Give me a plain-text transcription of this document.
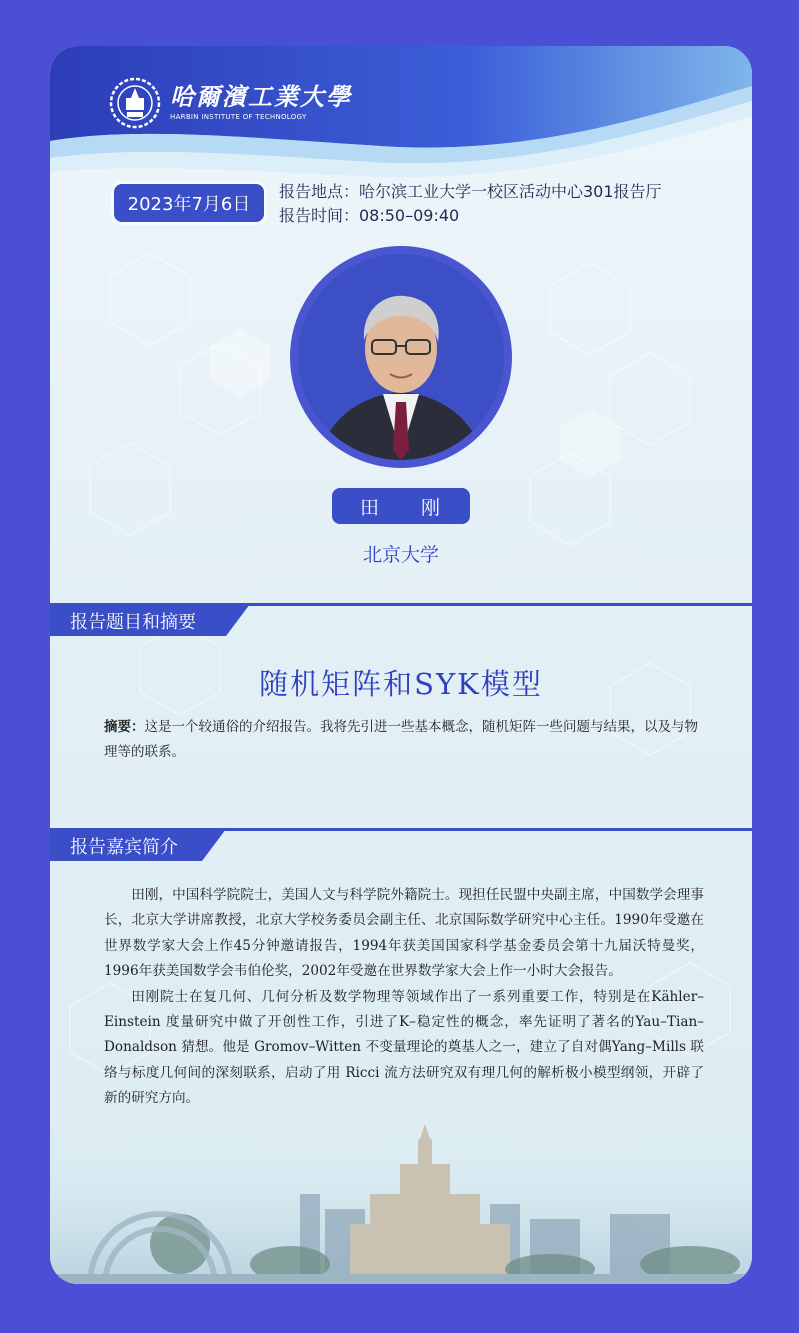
哈爾濱工業大學
HARBIN INSTITUTE OF TECHNOLOGY
2023年7月6日
报告地点：哈尔滨工业大学一校区活动中心301报告厅
报告时间：08:50–09:40
田 刚
北京大学
报告题目和摘要
随机矩阵和SYK模型
摘要：这是一个较通俗的介绍报告。我将先引进一些基本概念，随机矩阵一些问题与结果，以及与物理等的联系。
报告嘉宾简介

田刚，中国科学院院士，美国人文与科学院外籍院士。现担任民盟中央副主席，中国数学会理事长，北京大学讲席教授，北京大学校务委员会副主任、北京国际数学研究中心主任。1990年受邀在世界数学家大会上作45分钟邀请报告，1994年获美国国家科学基金委员会第十九届沃特曼奖，1996年获美国数学会韦伯伦奖，2002年受邀在世界数学家大会上作一小时大会报告。

田刚院士在复几何、几何分析及数学物理等领域作出了一系列重要工作，特别是在Kähler–Einstein 度量研究中做了开创性工作，引进了K–稳定性的概念，率先证明了著名的Yau–Tian–Donaldson 猜想。他是 Gromov–Witten 不变量理论的奠基人之一，建立了自对偶Yang–Mills 联络与标度几何间的深刻联系，启动了用 Ricci 流方法研究双有理几何的解析极小模型纲领，开辟了新的研究方向。
